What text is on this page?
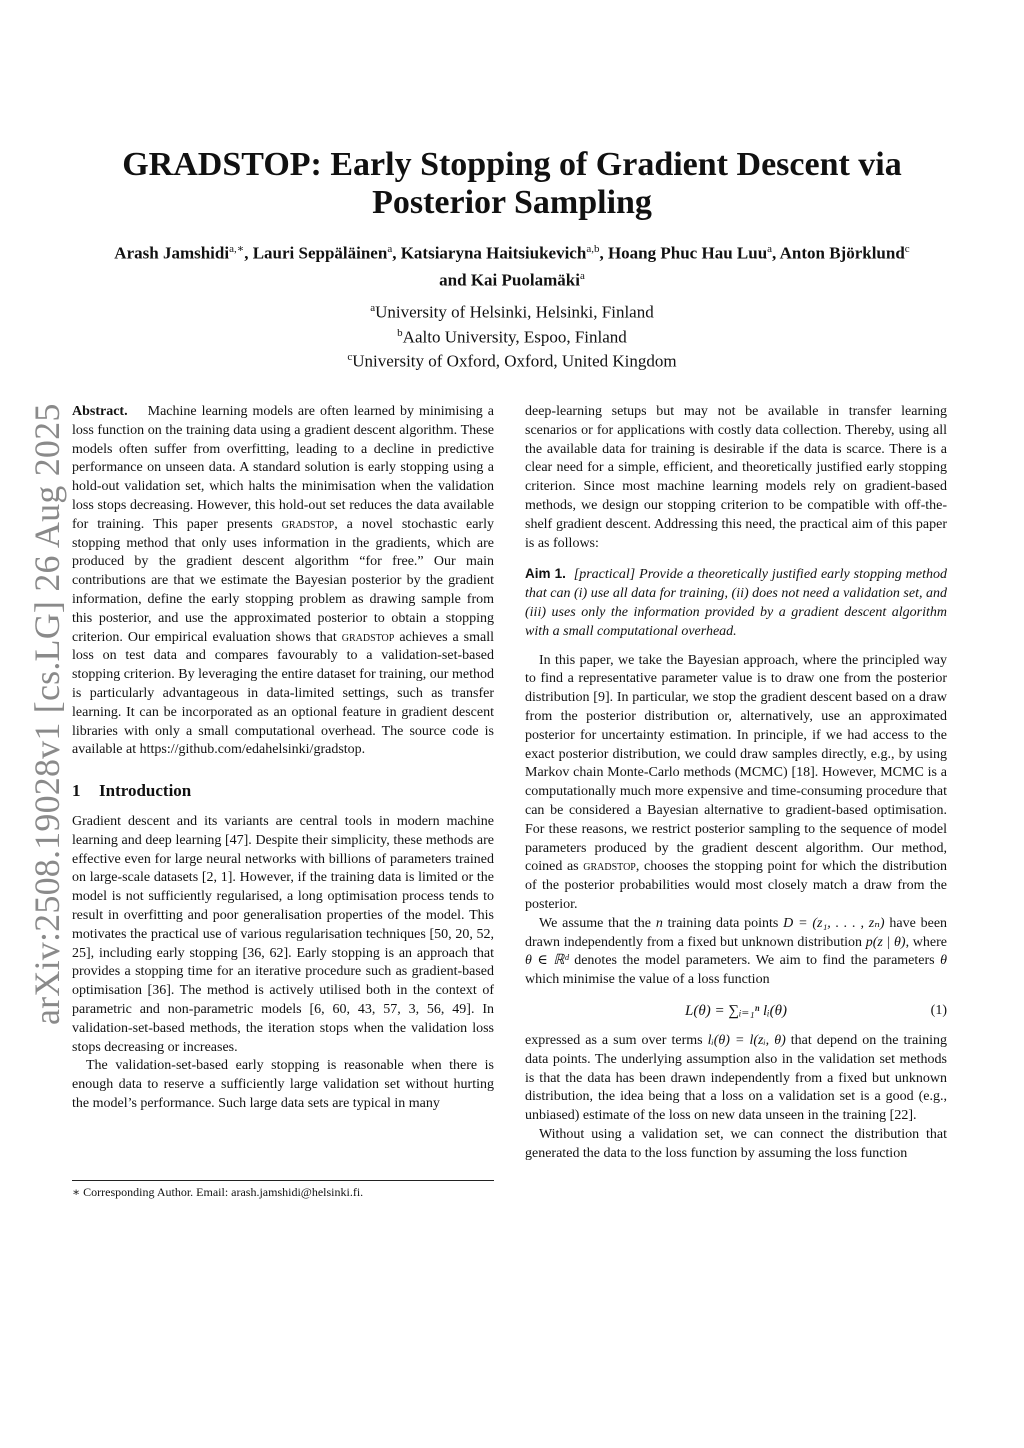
arXiv:2508.19028v1 [cs.LG] 26 Aug 2025
GRADSTOP: Early Stopping of Gradient Descent via
Posterior Sampling
Arash Jamshidi$^{a,∗}$, Lauri Seppäläinen$^a$, Katsiaryna Haitsiukevich$^{a,b}$, Hoang Phuc Hau Luu$^a$, Anton Björklund$^c$ and Kai Puolamäki$^a$
$^a$University of Helsinki, Helsinki, Finland
$^b$Aalto University, Espoo, Finland
$^c$University of Oxford, Oxford, United Kingdom

Abstract. Machine learning models are often learned by minimising a loss function on the training data using a gradient descent algorithm. These models often suffer from overfitting, leading to a decline in predictive performance on unseen data. A standard solution is early stopping using a hold-out validation set, which halts the minimisation when the validation loss stops decreasing. However, this hold-out set reduces the data available for training. This paper presents gradstop, a novel stochastic early stopping method that only uses information in the gradients, which are produced by the gradient descent algorithm “for free.” Our main contributions are that we estimate the Bayesian posterior by the gradient information, define the early stopping problem as drawing sample from this posterior, and use the approximated posterior to obtain a stopping criterion. Our empirical evaluation shows that gradstop achieves a small loss on test data and compares favourably to a validation-set-based stopping criterion. By leveraging the entire dataset for training, our method is particularly advantageous in data-limited settings, such as transfer learning. It can be incorporated as an optional feature in gradient descent libraries with only a small computational overhead. The source code is available at https://github.com/edahelsinki/gradstop.

1 Introduction

Gradient descent and its variants are central tools in modern machine learning and deep learning [47]. Despite their simplicity, these methods are effective even for large neural networks with billions of parameters trained on large-scale datasets [2, 1]. However, if the training data is limited or the model is not sufficiently regularised, a long optimisation process tends to result in overfitting and poor generalisation properties of the model. This motivates the practical use of various regularisation techniques [50, 20, 52, 25], including early stopping [36, 62]. Early stopping is an approach that provides a stopping time for an iterative procedure such as gradient-based optimisation [36]. The method is actively utilised both in the context of parametric and non-parametric models [6, 60, 43, 57, 3, 56, 49]. In validation-set-based methods, the iteration stops when the validation loss stops decreasing or increases.

The validation-set-based early stopping is reasonable when there is enough data to reserve a sufficiently large validation set without hurting the model’s performance. Such large data sets are typical in many

∗ Corresponding Author. Email: arash.jamshidi@helsinki.fi.

deep-learning setups but may not be available in transfer learning scenarios or for applications with costly data collection. Thereby, using all the available data for training is desirable if the data is scarce. There is a clear need for a simple, efficient, and theoretically justified early stopping criterion. Since most machine learning models rely on gradient-based methods, we design our stopping criterion to be compatible with off-the-shelf gradient descent. Addressing this need, the practical aim of this paper is as follows:

Aim 1. [practical] Provide a theoretically justified early stopping method that can (i) use all data for training, (ii) does not need a validation set, and (iii) uses only the information provided by a gradient descent algorithm with a small computational overhead.

In this paper, we take the Bayesian approach, where the principled way to find a representative parameter value is to draw one from the posterior distribution [9]. In particular, we stop the gradient descent based on a draw from the posterior distribution or, alternatively, use an approximated posterior for uncertainty estimation. In principle, if we had access to the exact posterior distribution, we could draw samples directly, e.g., by using Markov chain Monte-Carlo methods (MCMC) [18]. However, MCMC is a computationally much more expensive and time-consuming procedure that can be considered a Bayesian alternative to gradient-based optimisation. For these reasons, we restrict posterior sampling to the sequence of model parameters produced by the gradient descent algorithm. Our method, coined as gradstop, chooses the stopping point for which the distribution of the posterior probabilities would most closely match a draw from the posterior.

We assume that the n training data points D = (z₁, . . . , zₙ) have been drawn independently from a fixed but unknown distribution p(z | θ), where θ ∈ ℝᵈ denotes the model parameters. We aim to find the parameters θ which minimise the value of a loss function

L(θ) = ∑ᵢ₌₁ⁿ lᵢ(θ)	(1)

expressed as a sum over terms lᵢ(θ) = l(zᵢ, θ) that depend on the training data points. The underlying assumption also in the validation set methods is that the data has been drawn independently from a fixed but unknown distribution, the idea being that a loss on a validation set is a good (e.g., unbiased) estimate of the loss on new data unseen in the training [22].

Without using a validation set, we can connect the distribution that generated the data to the loss function by assuming the loss function
